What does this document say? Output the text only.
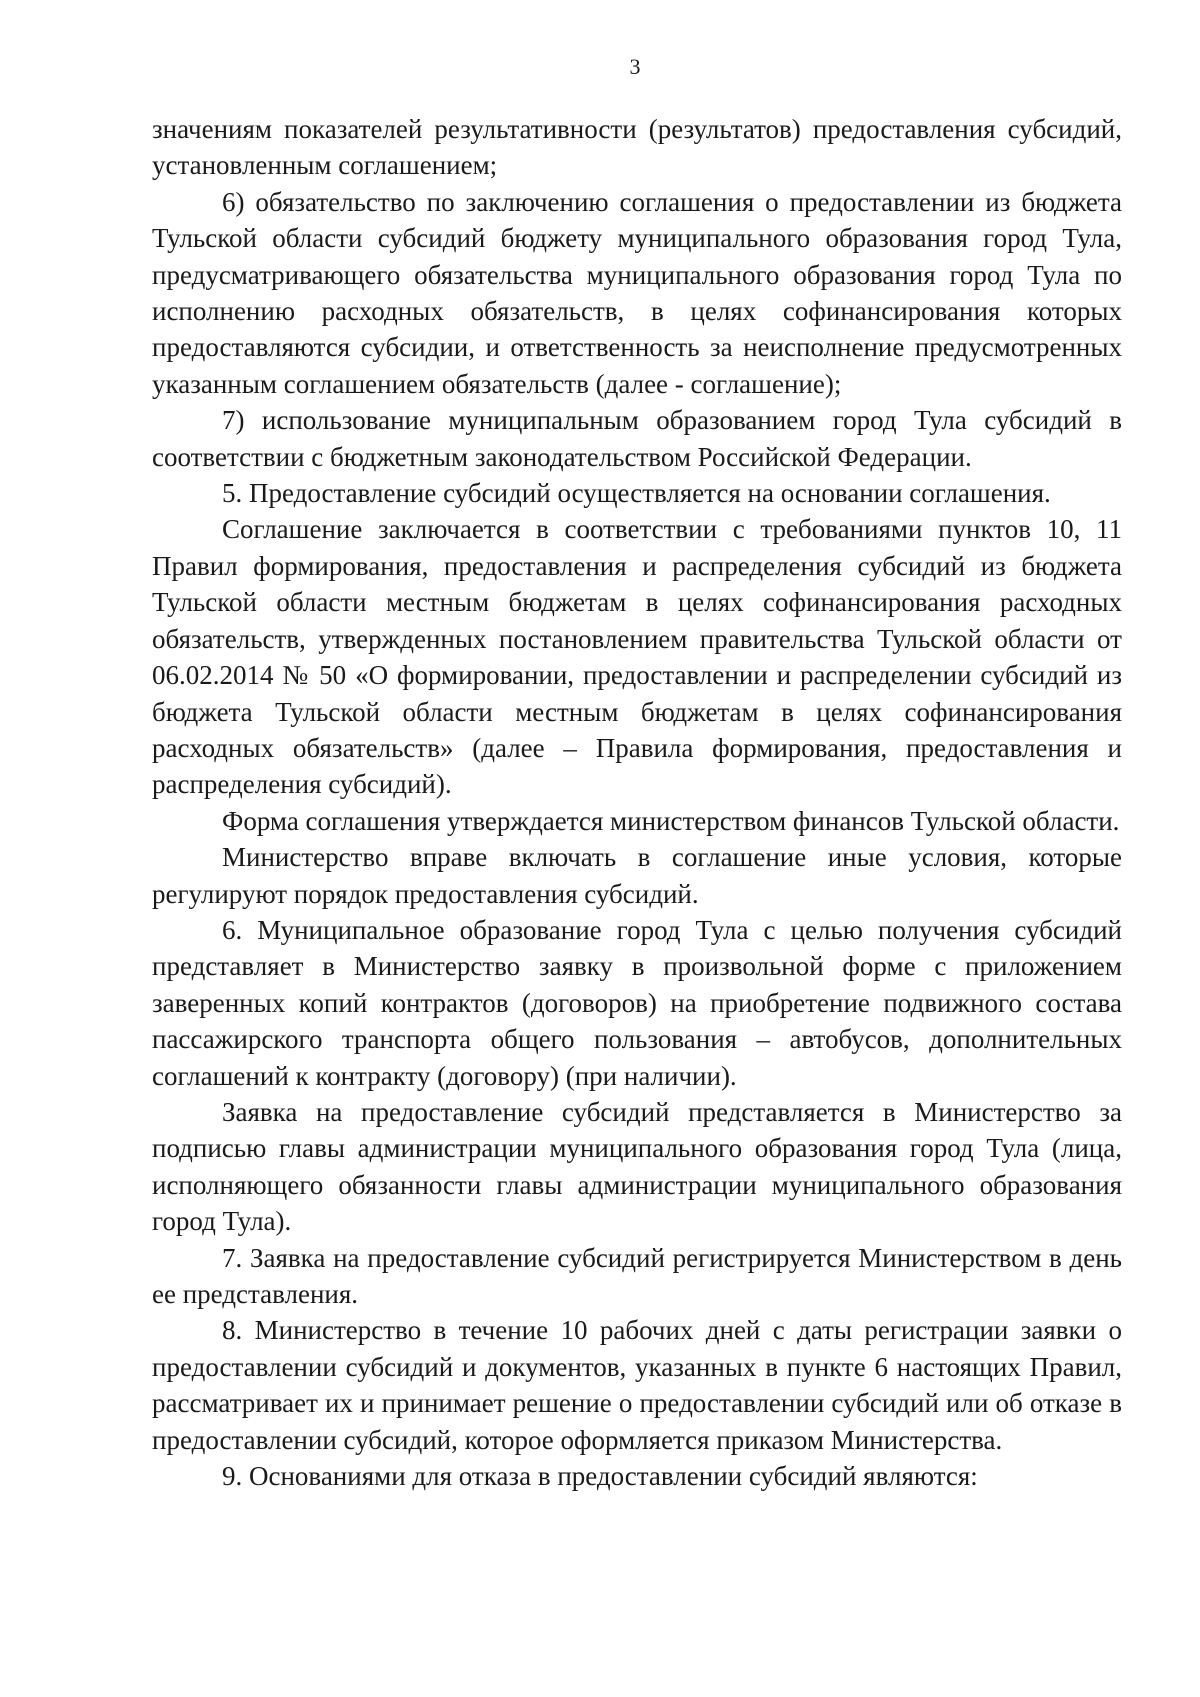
3

значениям показателей результативности (результатов) предоставления субсидий, установленным соглашением;

6) обязательство по заключению соглашения о предоставлении из бюджета Тульской области субсидий бюджету муниципального образования город Тула, предусматривающего обязательства муниципального образования город Тула по исполнению расходных обязательств, в целях софинансирования которых предоставляются субсидии, и ответственность за неисполнение предусмотренных указанным соглашением обязательств (далее - соглашение);

7) использование муниципальным образованием город Тула субсидий в соответствии с бюджетным законодательством Российской Федерации.

5. Предоставление субсидий осуществляется на основании соглашения.

Соглашение заключается в соответствии с требованиями пунктов 10, 11 Правил формирования, предоставления и распределения субсидий из бюджета Тульской области местным бюджетам в целях софинансирования расходных обязательств, утвержденных постановлением правительства Тульской области от 06.02.2014 № 50 «О формировании, предоставлении и распределении субсидий из бюджета Тульской области местным бюджетам в целях софинансирования расходных обязательств» (далее – Правила формирования, предоставления и распределения субсидий).

Форма соглашения утверждается министерством финансов Тульской области.

Министерство вправе включать в соглашение иные условия, которые регулируют порядок предоставления субсидий.

6. Муниципальное образование город Тула с целью получения субсидий представляет в Министерство заявку в произвольной форме с приложением заверенных копий контрактов (договоров) на приобретение подвижного состава пассажирского транспорта общего пользования – автобусов, дополнительных соглашений к контракту (договору) (при наличии).

Заявка на предоставление субсидий представляется в Министерство за подписью главы администрации муниципального образования город Тула (лица, исполняющего обязанности главы администрации муниципального образования город Тула).

7. Заявка на предоставление субсидий регистрируется Министерством в день ее представления.

8. Министерство в течение 10 рабочих дней с даты регистрации заявки о предоставлении субсидий и документов, указанных в пункте 6 настоящих Правил, рассматривает их и принимает решение о предоставлении субсидий или об отказе в предоставлении субсидий, которое оформляется приказом Министерства.

9. Основаниями для отказа в предоставлении субсидий являются:
